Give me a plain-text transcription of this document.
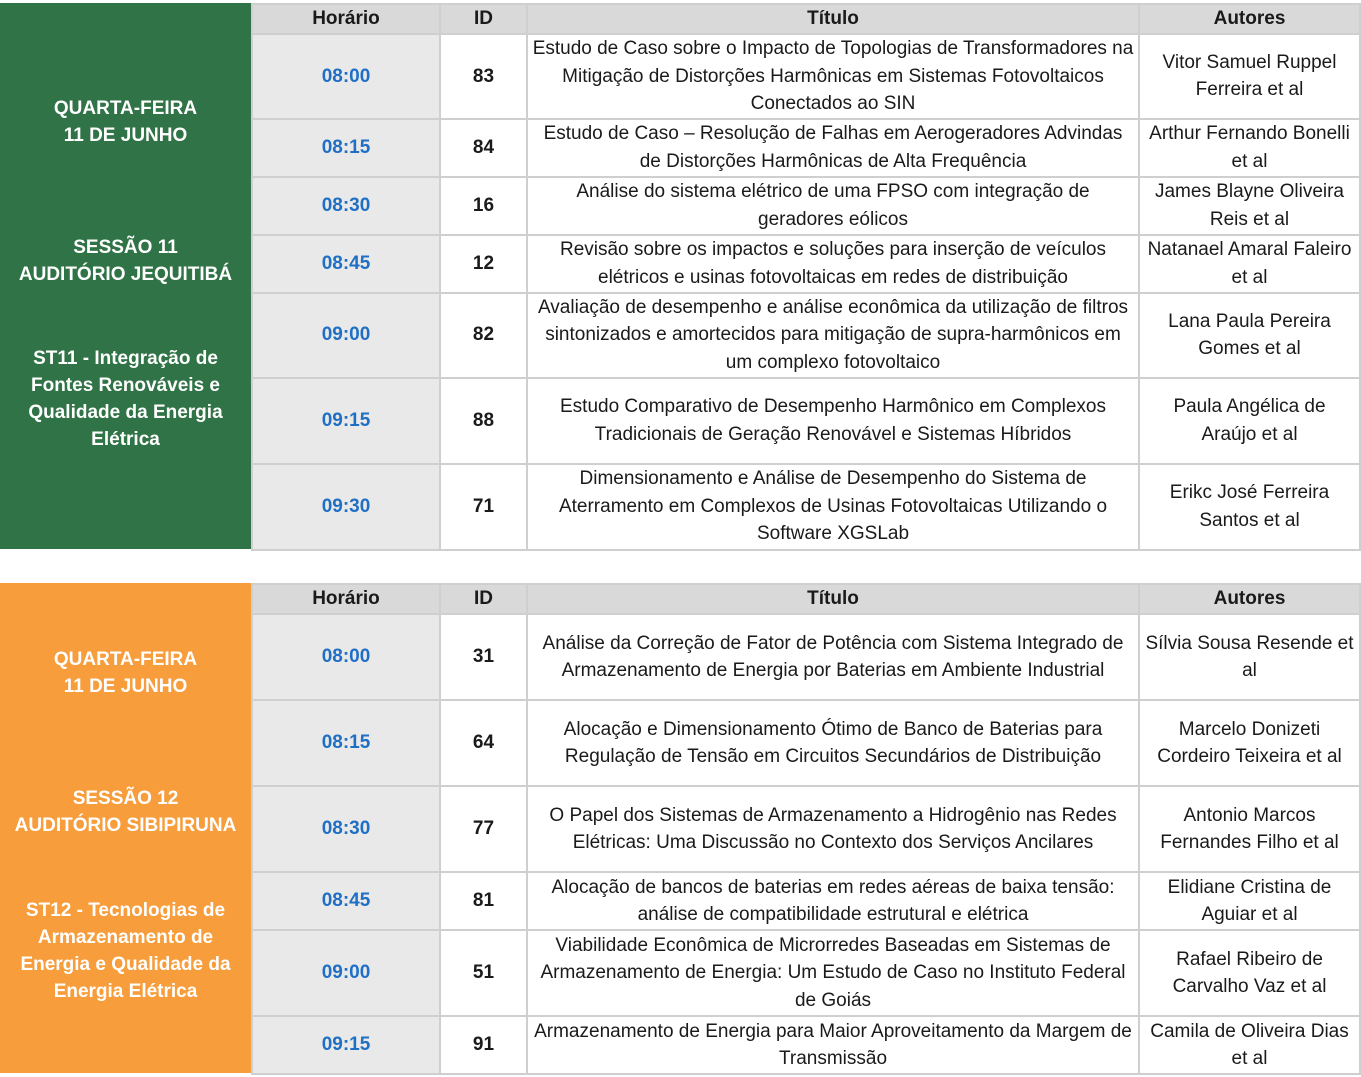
QUARTA-FEIRA
11 DE JUNHO
SESSÃO 11
AUDITÓRIO JEQUITIBÁ
ST11 - Integração de Fontes Renováveis e Qualidade da Energia Elétrica
Horário	ID	Título	Autores
08:00	83	Estudo de Caso sobre o Impacto de Topologias de Transformadores na Mitigação de Distorções Harmônicas em Sistemas Fotovoltaicos Conectados ao SIN	Vitor Samuel Ruppel Ferreira et al
08:15	84	Estudo de Caso – Resolução de Falhas em Aerogeradores Advindas de Distorções Harmônicas de Alta Frequência	Arthur Fernando Bonelli et al
08:30	16	Análise do sistema elétrico de uma FPSO com integração de geradores eólicos	James Blayne Oliveira Reis et al
08:45	12	Revisão sobre os impactos e soluções para inserção de veículos elétricos e usinas fotovoltaicas em redes de distribuição	Natanael Amaral Faleiro et al
09:00	82	Avaliação de desempenho e análise econômica da utilização de filtros sintonizados e amortecidos para mitigação de supra-harmônicos em um complexo fotovoltaico	Lana Paula Pereira Gomes et al
09:15	88	Estudo Comparativo de Desempenho Harmônico em Complexos Tradicionais de Geração Renovável e Sistemas Híbridos	Paula Angélica de Araújo et al
09:30	71	Dimensionamento e Análise de Desempenho do Sistema de Aterramento em Complexos de Usinas Fotovoltaicas Utilizando o Software XGSLab	Erikc José Ferreira Santos et al
QUARTA-FEIRA
11 DE JUNHO
SESSÃO 12
AUDITÓRIO SIBIPIRUNA
ST12 - Tecnologias de Armazenamento de Energia e Qualidade da Energia Elétrica
Horário	ID	Título	Autores
08:00	31	Análise da Correção de Fator de Potência com Sistema Integrado de Armazenamento de Energia por Baterias em Ambiente Industrial	Sílvia Sousa Resende et al
08:15	64	Alocação e Dimensionamento Ótimo de Banco de Baterias para Regulação de Tensão em Circuitos Secundários de Distribuição	Marcelo Donizeti Cordeiro Teixeira et al
08:30	77	O Papel dos Sistemas de Armazenamento a Hidrogênio nas Redes Elétricas: Uma Discussão no Contexto dos Serviços Ancilares	Antonio Marcos Fernandes Filho et al
08:45	81	Alocação de bancos de baterias em redes aéreas de baixa tensão: análise de compatibilidade estrutural e elétrica	Elidiane Cristina de Aguiar et al
09:00	51	Viabilidade Econômica de Microrredes Baseadas em Sistemas de Armazenamento de Energia: Um Estudo de Caso no Instituto Federal de Goiás	Rafael Ribeiro de Carvalho Vaz et al
09:15	91	Armazenamento de Energia para Maior Aproveitamento da Margem de Transmissão	Camila de Oliveira Dias et al
